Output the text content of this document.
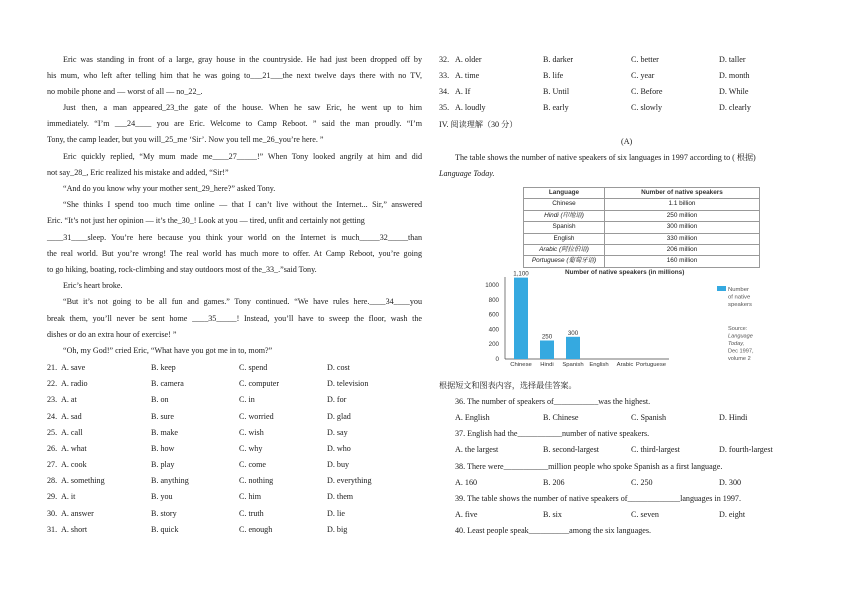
Eric was standing in front of a large, gray house in the countryside. He had just been dropped off by
his mum, who left after telling him that he was going to___21___the next twelve days there with no TV,
no mobile phone and — worst of all — no_22_.
Just then, a man appeared_23_the gate of the house. When he saw Eric, he went up to him
immediately. “I’m ___24____ you are Eric. Welcome to Camp Reboot. ” said the man proudly. “I’m
Tony, the camp leader, but you will_25_me ‘Sir’. Now you tell me_26_you’re here. ”
Eric quickly replied, “My mum made me____27_____!” When Tony looked angrily at him and did
not say_28_, Eric realized his mistake and added, “Sir!”
“And do you know why your mother sent_29_here?” asked Tony.
“She thinks I spend too much time online — that I can’t live without the Internet... Sir,” answered
Eric. “It’s not just her opinion — it’s the_30_! Look at you — tired, unfit and certainly not getting
____31____sleep. You’re here because you think your world on the Internet is much_____32_____than
the real world. But you’re wrong! The real world has much more to offer. At Camp Reboot, you’re going
to go hiking, boating, rock-climbing and stay outdoors most of the_33_.”said Tony.
Eric’s heart broke.
“But it’s not going to be all fun and games.” Tony continued. “We have rules here.____34____you
break them, you’ll never be sent home ____35_____! Instead, you’ll have to sweep the floor, wash the
dishes or do an extra hour of exercise! ”
“Oh, my God!” cried Eric, “What have you got me in to, mom?”
21. A. save	B. keep	C. spend	D. cost
22. A. radio	B. camera	C. computer	D. television
23. A. at	B. on	C. in	D. for
24. A. sad	B. sure	C. worried	D. glad
25. A. call	B. make	C. wish	D. say
26. A. what	B. how	C. why	D. who
27. A. cook	B. play	C. come	D. buy
28. A. something	B. anything	C. nothing	D. everything
29. A. it	B. you	C. him	D. them
30. A. answer	B. story	C. truth	D. lie
31. A. short	B. quick	C. enough	D. big
32. A. older	B. darker	C. better	D. taller
33. A. time	B. life	C. year	D. month
34. A. If	B. Until	C. Before	D. While
35. A. loudly	B. early	C. slowly	D. clearly
IV. 阅读理解（30 分）
(A)
The table shows the number of native speakers of six languages in 1997 according to ( 根据)
Language Today.
Language	Number of native speakers
Chinese	1.1 billion
Hindi (印地语)	250 million
Spanish	300 million
English	330 million
Arabic (阿拉伯语)	206 million
Portuguese (葡萄牙语)	160 million
Number of native speakers (in millions)
Number of native speakers
Source: Language Today, Dec 1997, volume 2
0
200
400
600
800
1000
1,100
Chinese
250
Hindi
300
Spanish English Arabic Portuguese
根据短文和图表内容，选择最佳答案。
36. The number of speakers of___________was the highest.
A. English	B. Chinese	C. Spanish	D. Hindi
37. English had the___________number of native speakers.
A. the largest	B. second-largest	C. third-largest	D. fourth-largest
38. There were___________million people who spoke Spanish as a first language.
A. 160	B. 206	C. 250	D. 300
39. The table shows the number of native speakers of_____________languages in 1997.
A. five	B. six	C. seven	D. eight
40. Least people speak__________among the six languages.
